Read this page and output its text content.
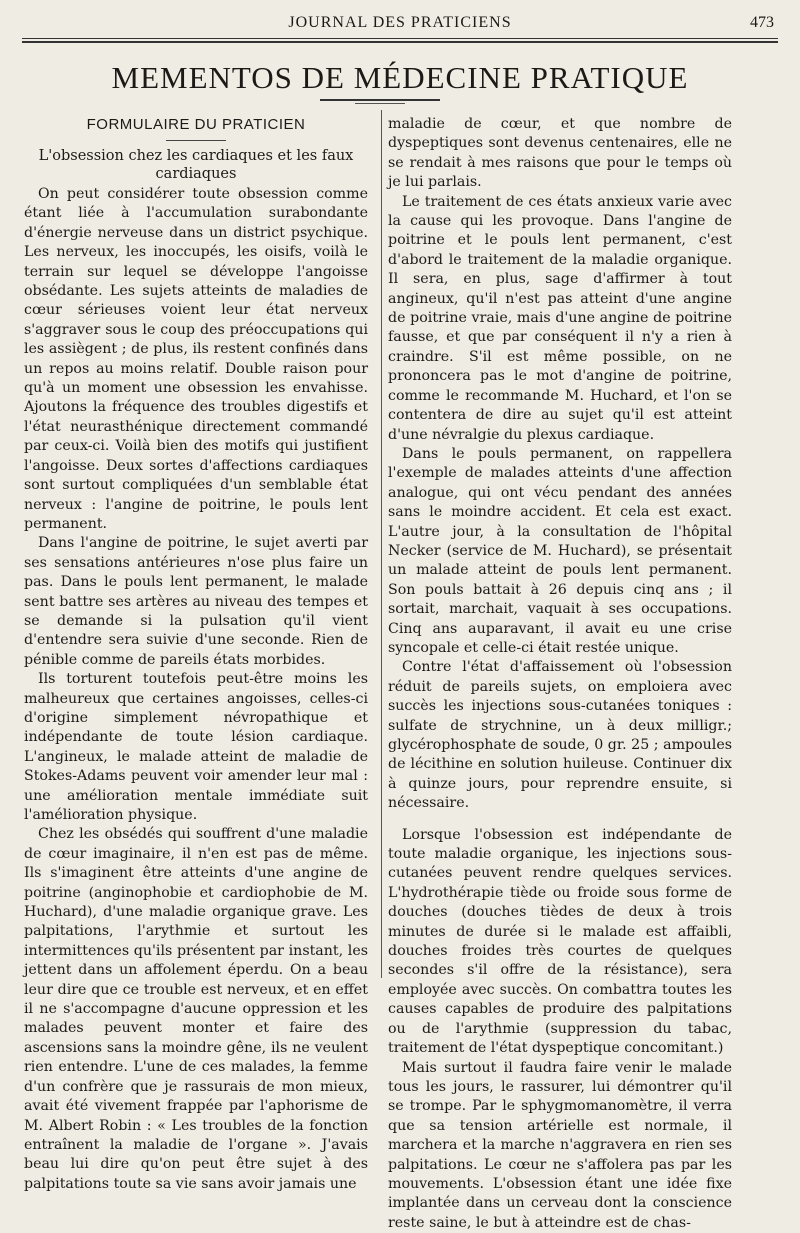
JOURNAL DES PRATICIENS	473
MEMENTOS DE MÉDECINE PRATIQUE
FORMULAIRE DU PRATICIEN
L'obsession chez les cardiaques et les faux cardiaques

On peut considérer toute obsession comme étant liée à l'accumulation surabondante d'énergie nerveuse dans un district psychique. Les nerveux, les inoccupés, les oisifs, voilà le terrain sur lequel se développe l'angoisse obsédante. Les sujets atteints de maladies de cœur sérieuses voient leur état nerveux s'aggraver sous le coup des préoccupations qui les assiègent ; de plus, ils restent confinés dans un repos au moins relatif. Double raison pour qu'à un moment une obsession les envahisse. Ajoutons la fréquence des troubles digestifs et l'état neurasthénique directement commandé par ceux-ci. Voilà bien des motifs qui justifient l'angoisse. Deux sortes d'affections cardiaques sont surtout compliquées d'un semblable état nerveux : l'angine de poitrine, le pouls lent permanent.

Dans l'angine de poitrine, le sujet averti par ses sensations antérieures n'ose plus faire un pas. Dans le pouls lent permanent, le malade sent battre ses artères au niveau des tempes et se demande si la pulsation qu'il vient d'entendre sera suivie d'une seconde. Rien de pénible comme de pareils états morbides.

Ils torturent toutefois peut-être moins les malheureux que certaines angoisses, celles-ci d'origine simplement névropathique et indépendante de toute lésion cardiaque. L'angineux, le malade atteint de maladie de Stokes-Adams peuvent voir amender leur mal : une amélioration mentale immédiate suit l'amélioration physique.

Chez les obsédés qui souffrent d'une maladie de cœur imaginaire, il n'en est pas de même. Ils s'imaginent être atteints d'une angine de poitrine (anginophobie et cardiophobie de M. Huchard), d'une maladie organique grave. Les palpitations, l'arythmie et surtout les intermittences qu'ils présentent par instant, les jettent dans un affolement éperdu. On a beau leur dire que ce trouble est nerveux, et en effet il ne s'accompagne d'aucune oppression et les malades peuvent monter et faire des ascensions sans la moindre gêne, ils ne veulent rien entendre. L'une de ces malades, la femme d'un confrère que je rassurais de mon mieux, avait été vivement frappée par l'aphorisme de M. Albert Robin : « Les troubles de la fonction entraînent la maladie de l'organe ». J'avais beau lui dire qu'on peut être sujet à des palpitations toute sa vie sans avoir jamais une

maladie de cœur, et que nombre de dyspeptiques sont devenus centenaires, elle ne se rendait à mes raisons que pour le temps où je lui parlais.

Le traitement de ces états anxieux varie avec la cause qui les provoque. Dans l'angine de poitrine et le pouls lent permanent, c'est d'abord le traitement de la maladie organique. Il sera, en plus, sage d'affirmer à tout angineux, qu'il n'est pas atteint d'une angine de poitrine vraie, mais d'une angine de poitrine fausse, et que par conséquent il n'y a rien à craindre. S'il est même possible, on ne prononcera pas le mot d'angine de poitrine, comme le recommande M. Huchard, et l'on se contentera de dire au sujet qu'il est atteint d'une névralgie du plexus cardiaque.

Dans le pouls permanent, on rappellera l'exemple de malades atteints d'une affection analogue, qui ont vécu pendant des années sans le moindre accident. Et cela est exact. L'autre jour, à la consultation de l'hôpital Necker (service de M. Huchard), se présentait un malade atteint de pouls lent permanent. Son pouls battait à 26 depuis cinq ans ; il sortait, marchait, vaquait à ses occupations. Cinq ans auparavant, il avait eu une crise syncopale et celle-ci était restée unique.

Contre l'état d'affaissement où l'obsession réduit de pareils sujets, on emploiera avec succès les injections sous-cutanées toniques : sulfate de strychnine, un à deux milligr.; glycérophosphate de soude, 0 gr. 25 ; ampoules de lécithine en solution huileuse. Continuer dix à quinze jours, pour reprendre ensuite, si nécessaire.

Lorsque l'obsession est indépendante de toute maladie organique, les injections sous-cutanées peuvent rendre quelques services. L'hydrothérapie tiède ou froide sous forme de douches (douches tièdes de deux à trois minutes de durée si le malade est affaibli, douches froides très courtes de quelques secondes s'il offre de la résistance), sera employée avec succès. On combattra toutes les causes capables de produire des palpitations ou de l'arythmie (suppression du tabac, traitement de l'état dyspeptique concomitant.)

Mais surtout il faudra faire venir le malade tous les jours, le rassurer, lui démontrer qu'il se trompe. Par le sphygmomanomètre, il verra que sa tension artérielle est normale, il marchera et la marche n'aggravera en rien ses palpitations. Le cœur ne s'affolera pas par les mouvements. L'obsession étant une idée fixe implantée dans un cerveau dont la conscience reste saine, le but à atteindre est de chas-
